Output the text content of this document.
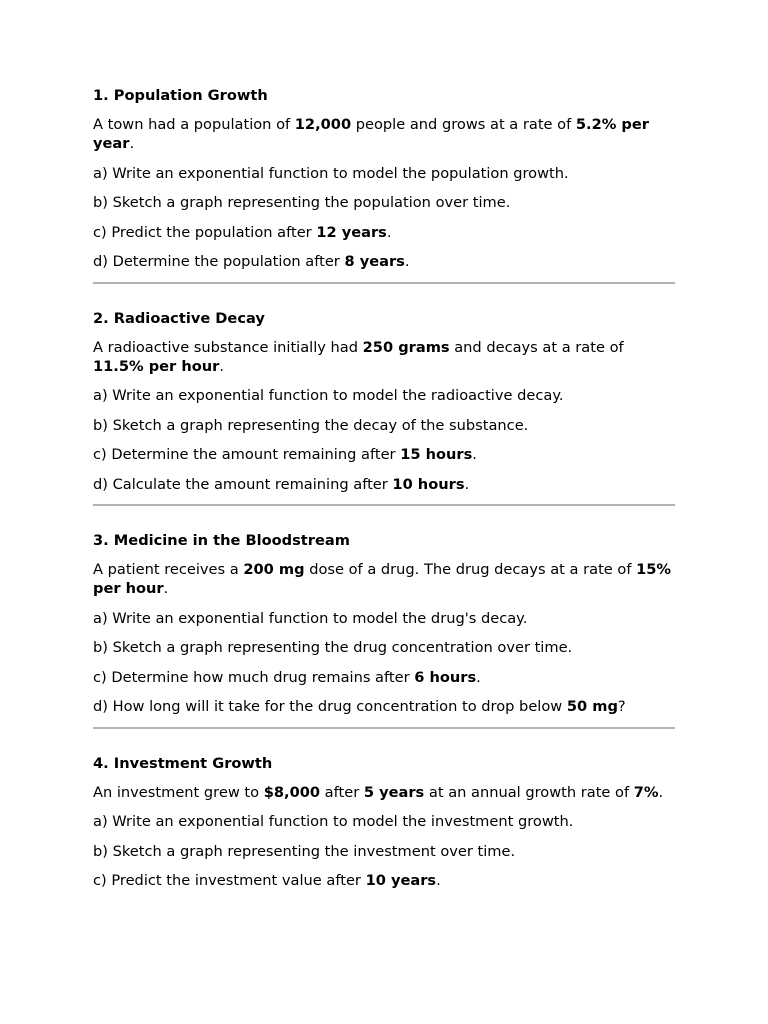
1. Population Growth

A town had a population of 12,000 people and grows at a rate of 5.2% per year.

a) Write an exponential function to model the population growth.

b) Sketch a graph representing the population over time.

c) Predict the population after 12 years.

d) Determine the population after 8 years.

2. Radioactive Decay

A radioactive substance initially had 250 grams and decays at a rate of 11.5% per hour.

a) Write an exponential function to model the radioactive decay.

b) Sketch a graph representing the decay of the substance.

c) Determine the amount remaining after 15 hours.

d) Calculate the amount remaining after 10 hours.

3. Medicine in the Bloodstream

A patient receives a 200 mg dose of a drug. The drug decays at a rate of 15% per hour.

a) Write an exponential function to model the drug's decay.

b) Sketch a graph representing the drug concentration over time.

c) Determine how much drug remains after 6 hours.

d) How long will it take for the drug concentration to drop below 50 mg?

4. Investment Growth

An investment grew to $8,000 after 5 years at an annual growth rate of 7%.

a) Write an exponential function to model the investment growth.

b) Sketch a graph representing the investment over time.

c) Predict the investment value after 10 years.
